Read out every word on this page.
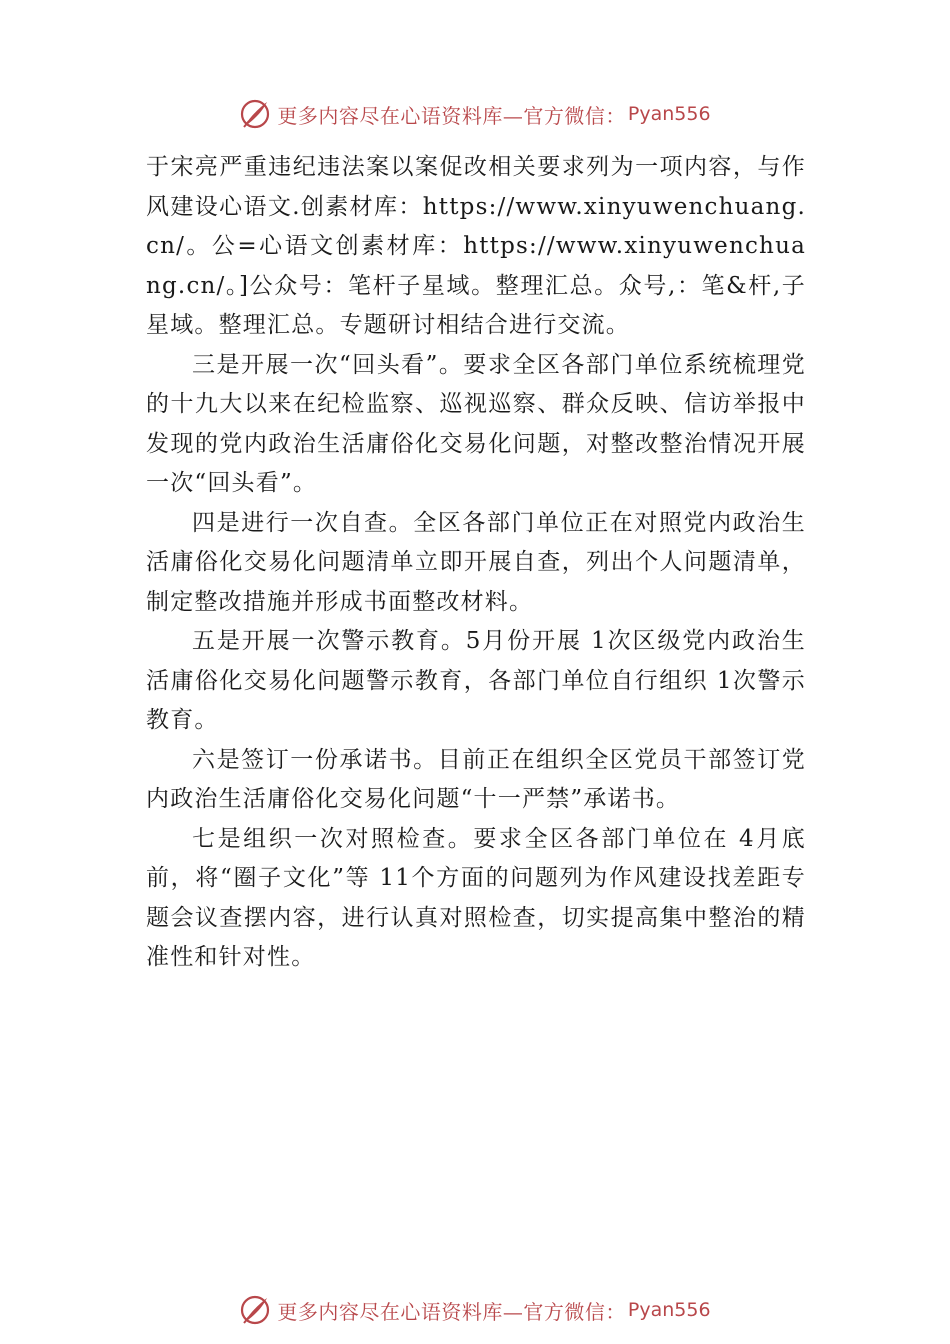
更多内容尽在心语资料库—官方微信： Pyan556

于宋亮严重违纪违法案以案促改相关要求列为一项内容，与作风建设心语文.创素材库：https://www.xinyuwenchuang.cn/。公=心语文创素材库：https://www.xinyuwenchuang.cn/。]公众号：笔杆子星域。整理汇总。众号,：笔&杆,子星域。整理汇总。专题研讨相结合进行交流。

三是开展一次“回头看”。要求全区各部门单位系统梳理党的十九大以来在纪检监察、巡视巡察、群众反映、信访举报中发现的党内政治生活庸俗化交易化问题，对整改整治情况开展一次“回头看”。

四是进行一次自查。全区各部门单位正在对照党内政治生活庸俗化交易化问题清单立即开展自查，列出个人问题清单，制定整改措施并形成书面整改材料。

五是开展一次警示教育。5月份开展 1次区级党内政治生活庸俗化交易化问题警示教育，各部门单位自行组织 1次警示教育。

六是签订一份承诺书。目前正在组织全区党员干部签订党内政治生活庸俗化交易化问题“十一严禁”承诺书。

七是组织一次对照检查。要求全区各部门单位在 4月底前，将“圈子文化”等 11个方面的问题列为作风建设找差距专题会议查摆内容，进行认真对照检查，切实提高集中整治的精准性和针对性。

更多内容尽在心语资料库—官方微信： Pyan556
